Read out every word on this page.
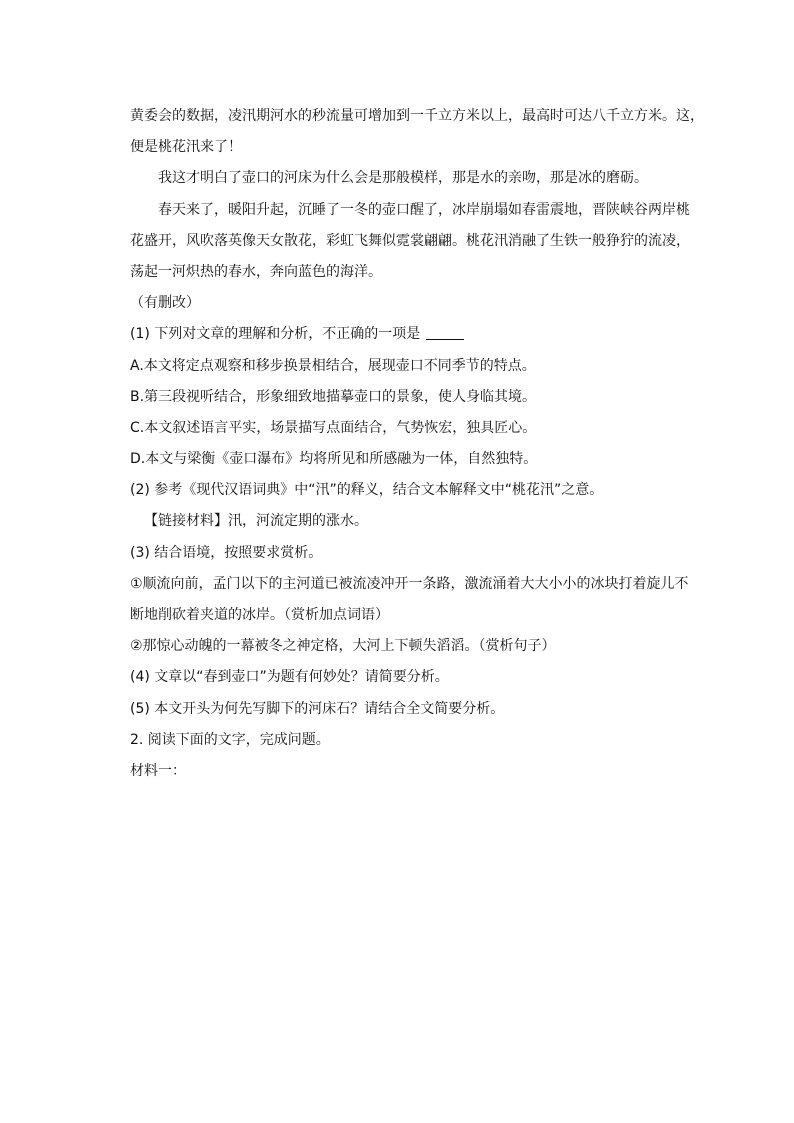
黄委会的数据，凌汛期河水的秒流量可增加到一千立方米以上，最高时可达八千立方米。这，
便是桃花汛来了！
我这才明白了壶口的河床为什么会是那般模样，那是水的亲吻，那是冰的磨砺。
春天来了，暖阳升起，沉睡了一冬的壶口醒了，冰岸崩塌如春雷震地，晋陕峡谷两岸桃
花盛开，风吹落英像天女散花，彩虹飞舞似霓裳翩翩。桃花汛消融了生铁一般狰狞的流凌，
荡起一河炽热的春水，奔向蓝色的海洋。
（有删改）
(1) 下列对文章的理解和分析，不正确的一项是
A.本文将定点观察和移步换景相结合，展现壶口不同季节的特点。
B.第三段视听结合，形象细致地描摹壶口的景象，使人身临其境。
C.本文叙述语言平实，场景描写点面结合，气势恢宏，独具匠心。
D.本文与梁衡《壶口瀑布》均将所见和所感融为一体，自然独特。
(2) 参考《现代汉语词典》中“汛”的释义，结合文本解释文中“桃花汛”之意。
【链接材料】汛，河流定期的涨水。
(3) 结合语境，按照要求赏析。
①顺流向前，孟门以下的主河道已被流凌冲开一条路，激流涌着大大小小的冰块打着旋儿不
断地削砍着夹道的冰岸。（赏析加点词语）
②那惊心动魄的一幕被冬之神定格，大河上下顿失滔滔。（赏析句子）
(4) 文章以“春到壶口”为题有何妙处？请简要分析。
(5) 本文开头为何先写脚下的河床石？请结合全文简要分析。
2. 阅读下面的文字，完成问题。
材料一：
